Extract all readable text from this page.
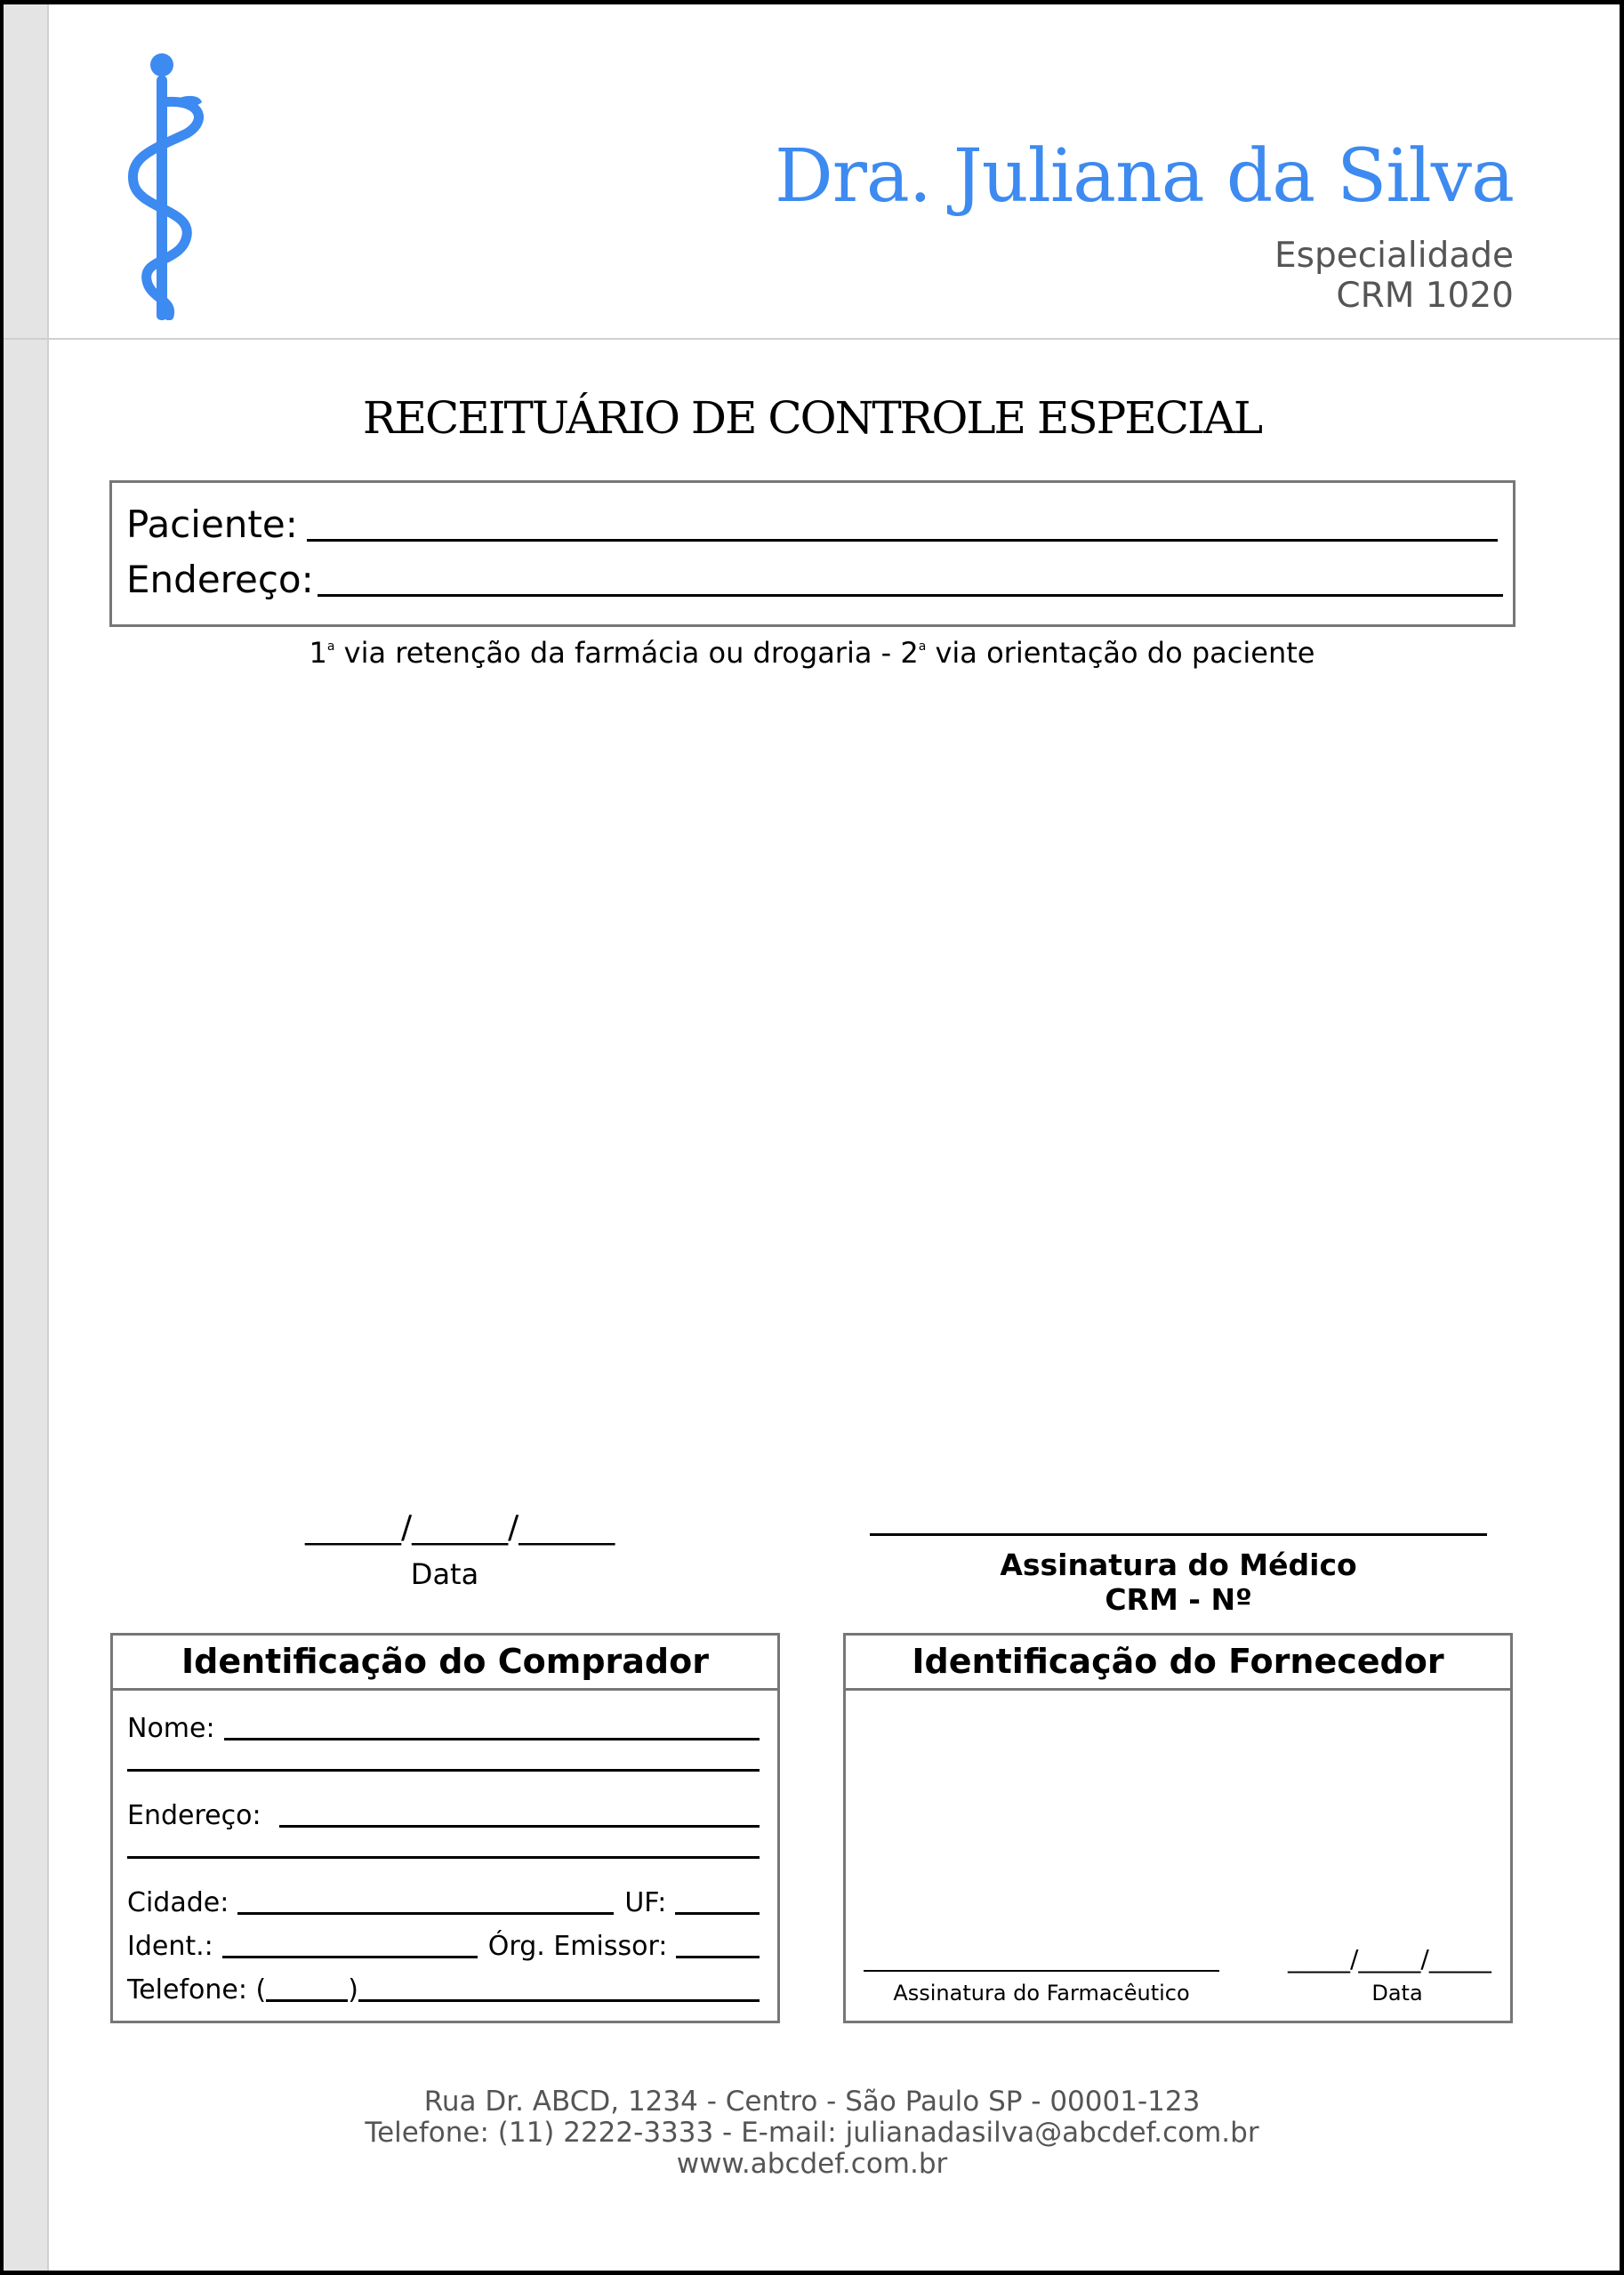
Dra. Juliana da Silva
Especialidade
CRM 1020
RECEITUÁRIO DE CONTROLE ESPECIAL
Paciente:
Endereço:
1$^a$ via retenção da farmácia ou drogaria - 2$^a$ via orientação do paciente
______/______/______
Data	Assinatura do Médico
CRM - Nº
Identificação do Comprador
Nome:
Endereço:
Cidade:	UF:
Ident.:	Órg. Emissor:
Telefone: (	)
Identificação do Fornecedor
Assinatura do Farmacêutico
_____/_____/_____
Data
Rua Dr. ABCD, 1234 - Centro - São Paulo SP - 00001-123
Telefone: (11) 2222-3333 - E-mail: julianadasilva@abcdef.com.br
www.abcdef.com.br
